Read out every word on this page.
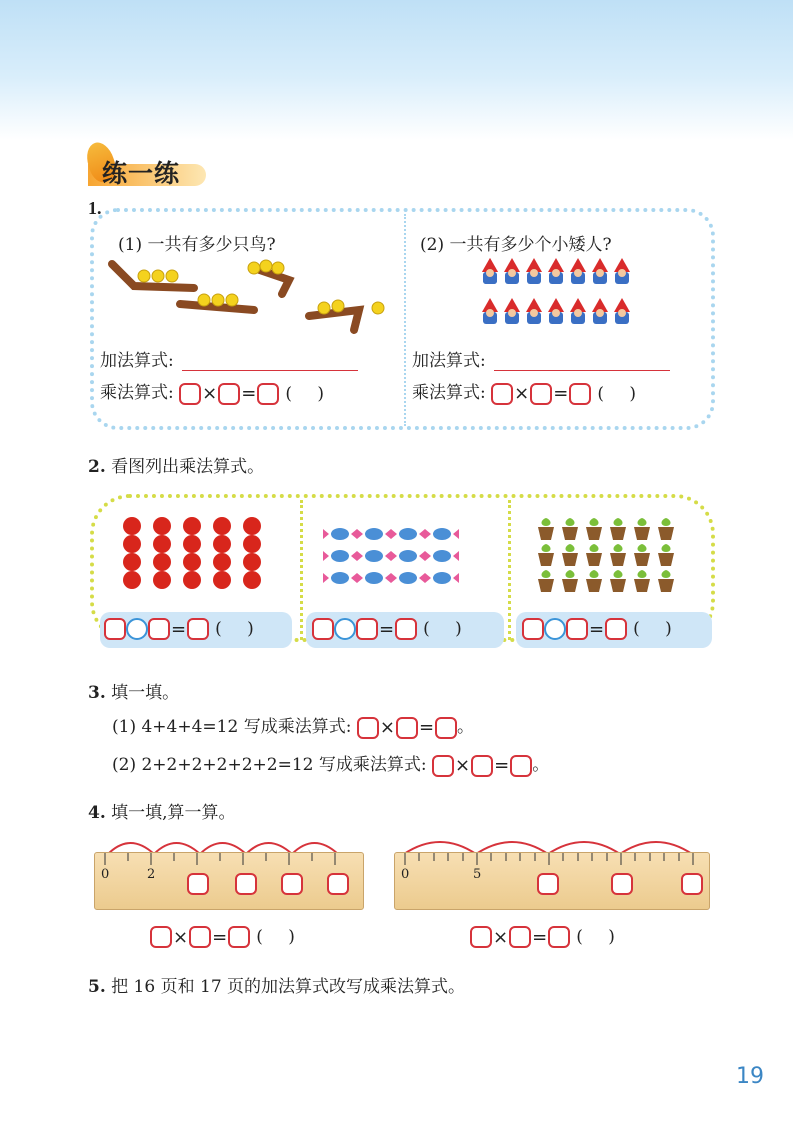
练一练
1.
(1) 一共有多少只鸟?
加法算式:
乘法算式: × = ( )
(2) 一共有多少个小矮人?
加法算式:
乘法算式: × = ( )
2. 看图列出乘法算式。
= ( )	= ( )	= ( )
3. 填一填。
(1) 4+4+4=12 写成乘法算式: × = 。
(2) 2+2+2+2+2+2=12 写成乘法算式: × = 。
4. 填一填,算一算。
0	2
× = ( )
0	5
× = ( )
5. 把 16 页和 17 页的加法算式改写成乘法算式。
19
